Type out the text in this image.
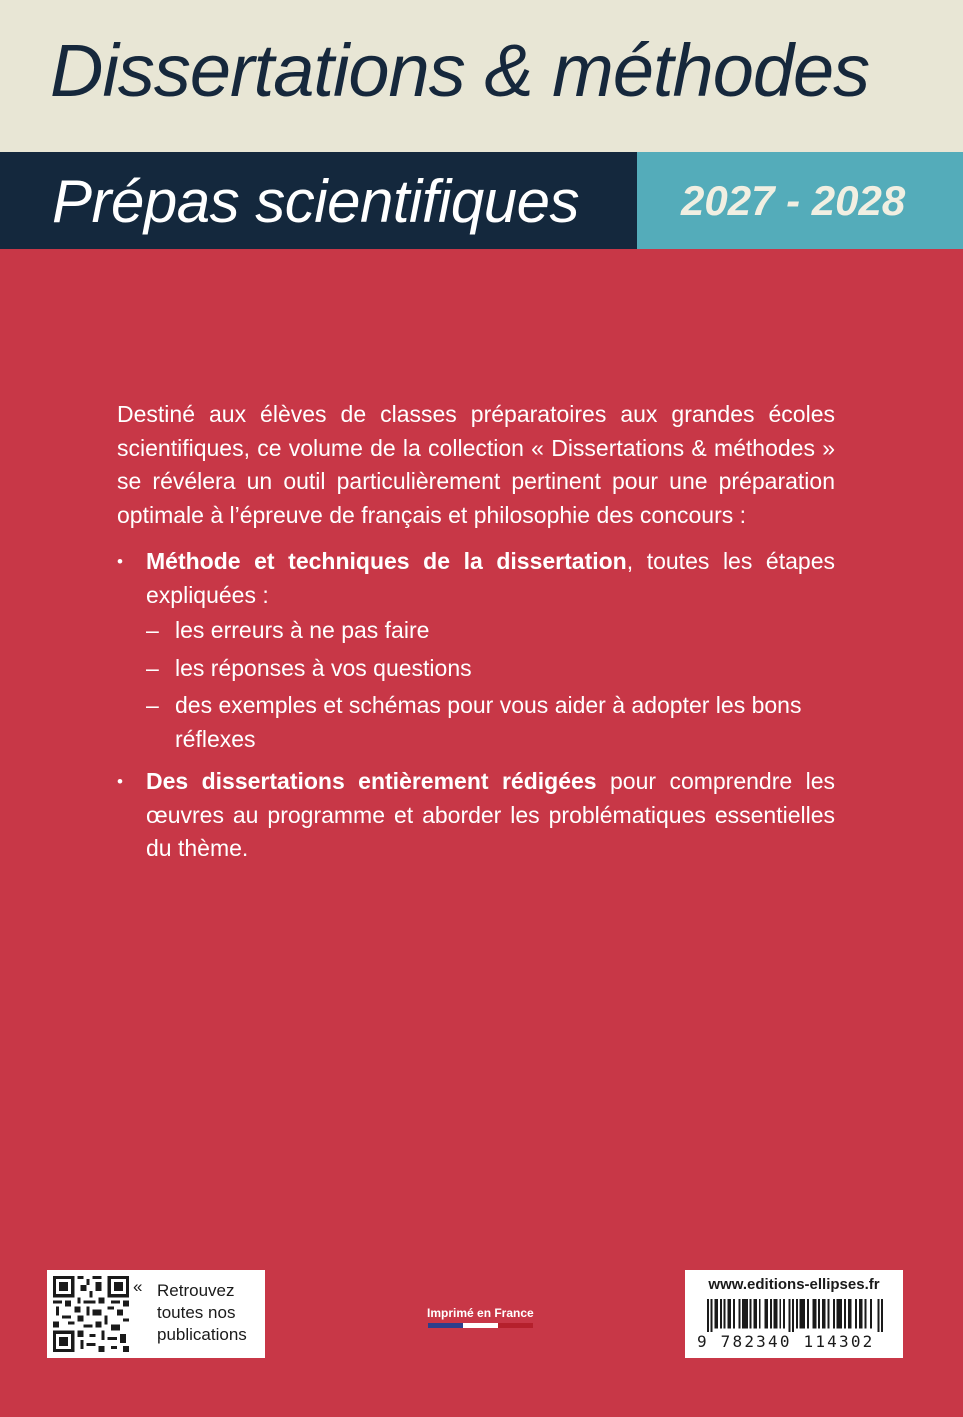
Dissertations & méthodes
Prépas scientifiques 2027 - 2028

Destiné aux élèves de classes préparatoires aux grandes écoles scientifiques, ce volume de la collection « Dissertations & méthodes » se révélera un outil particulièrement pertinent pour une préparation optimale à l’épreuve de français et philosophie des concours :

•	Méthode et techniques de la dissertation, toutes les étapes expliquées :
– les erreurs à ne pas faire
– les réponses à vos questions
– des exemples et schémas pour vous aider à adopter les bons réflexes
•	Des dissertations entièrement rédigées pour comprendre les œuvres au programme et aborder les problématiques essentielles du thème.
« Retrouvez
toutes nos
publications
Imprimé en France
www.editions-ellipses.fr
9 782340 114302
